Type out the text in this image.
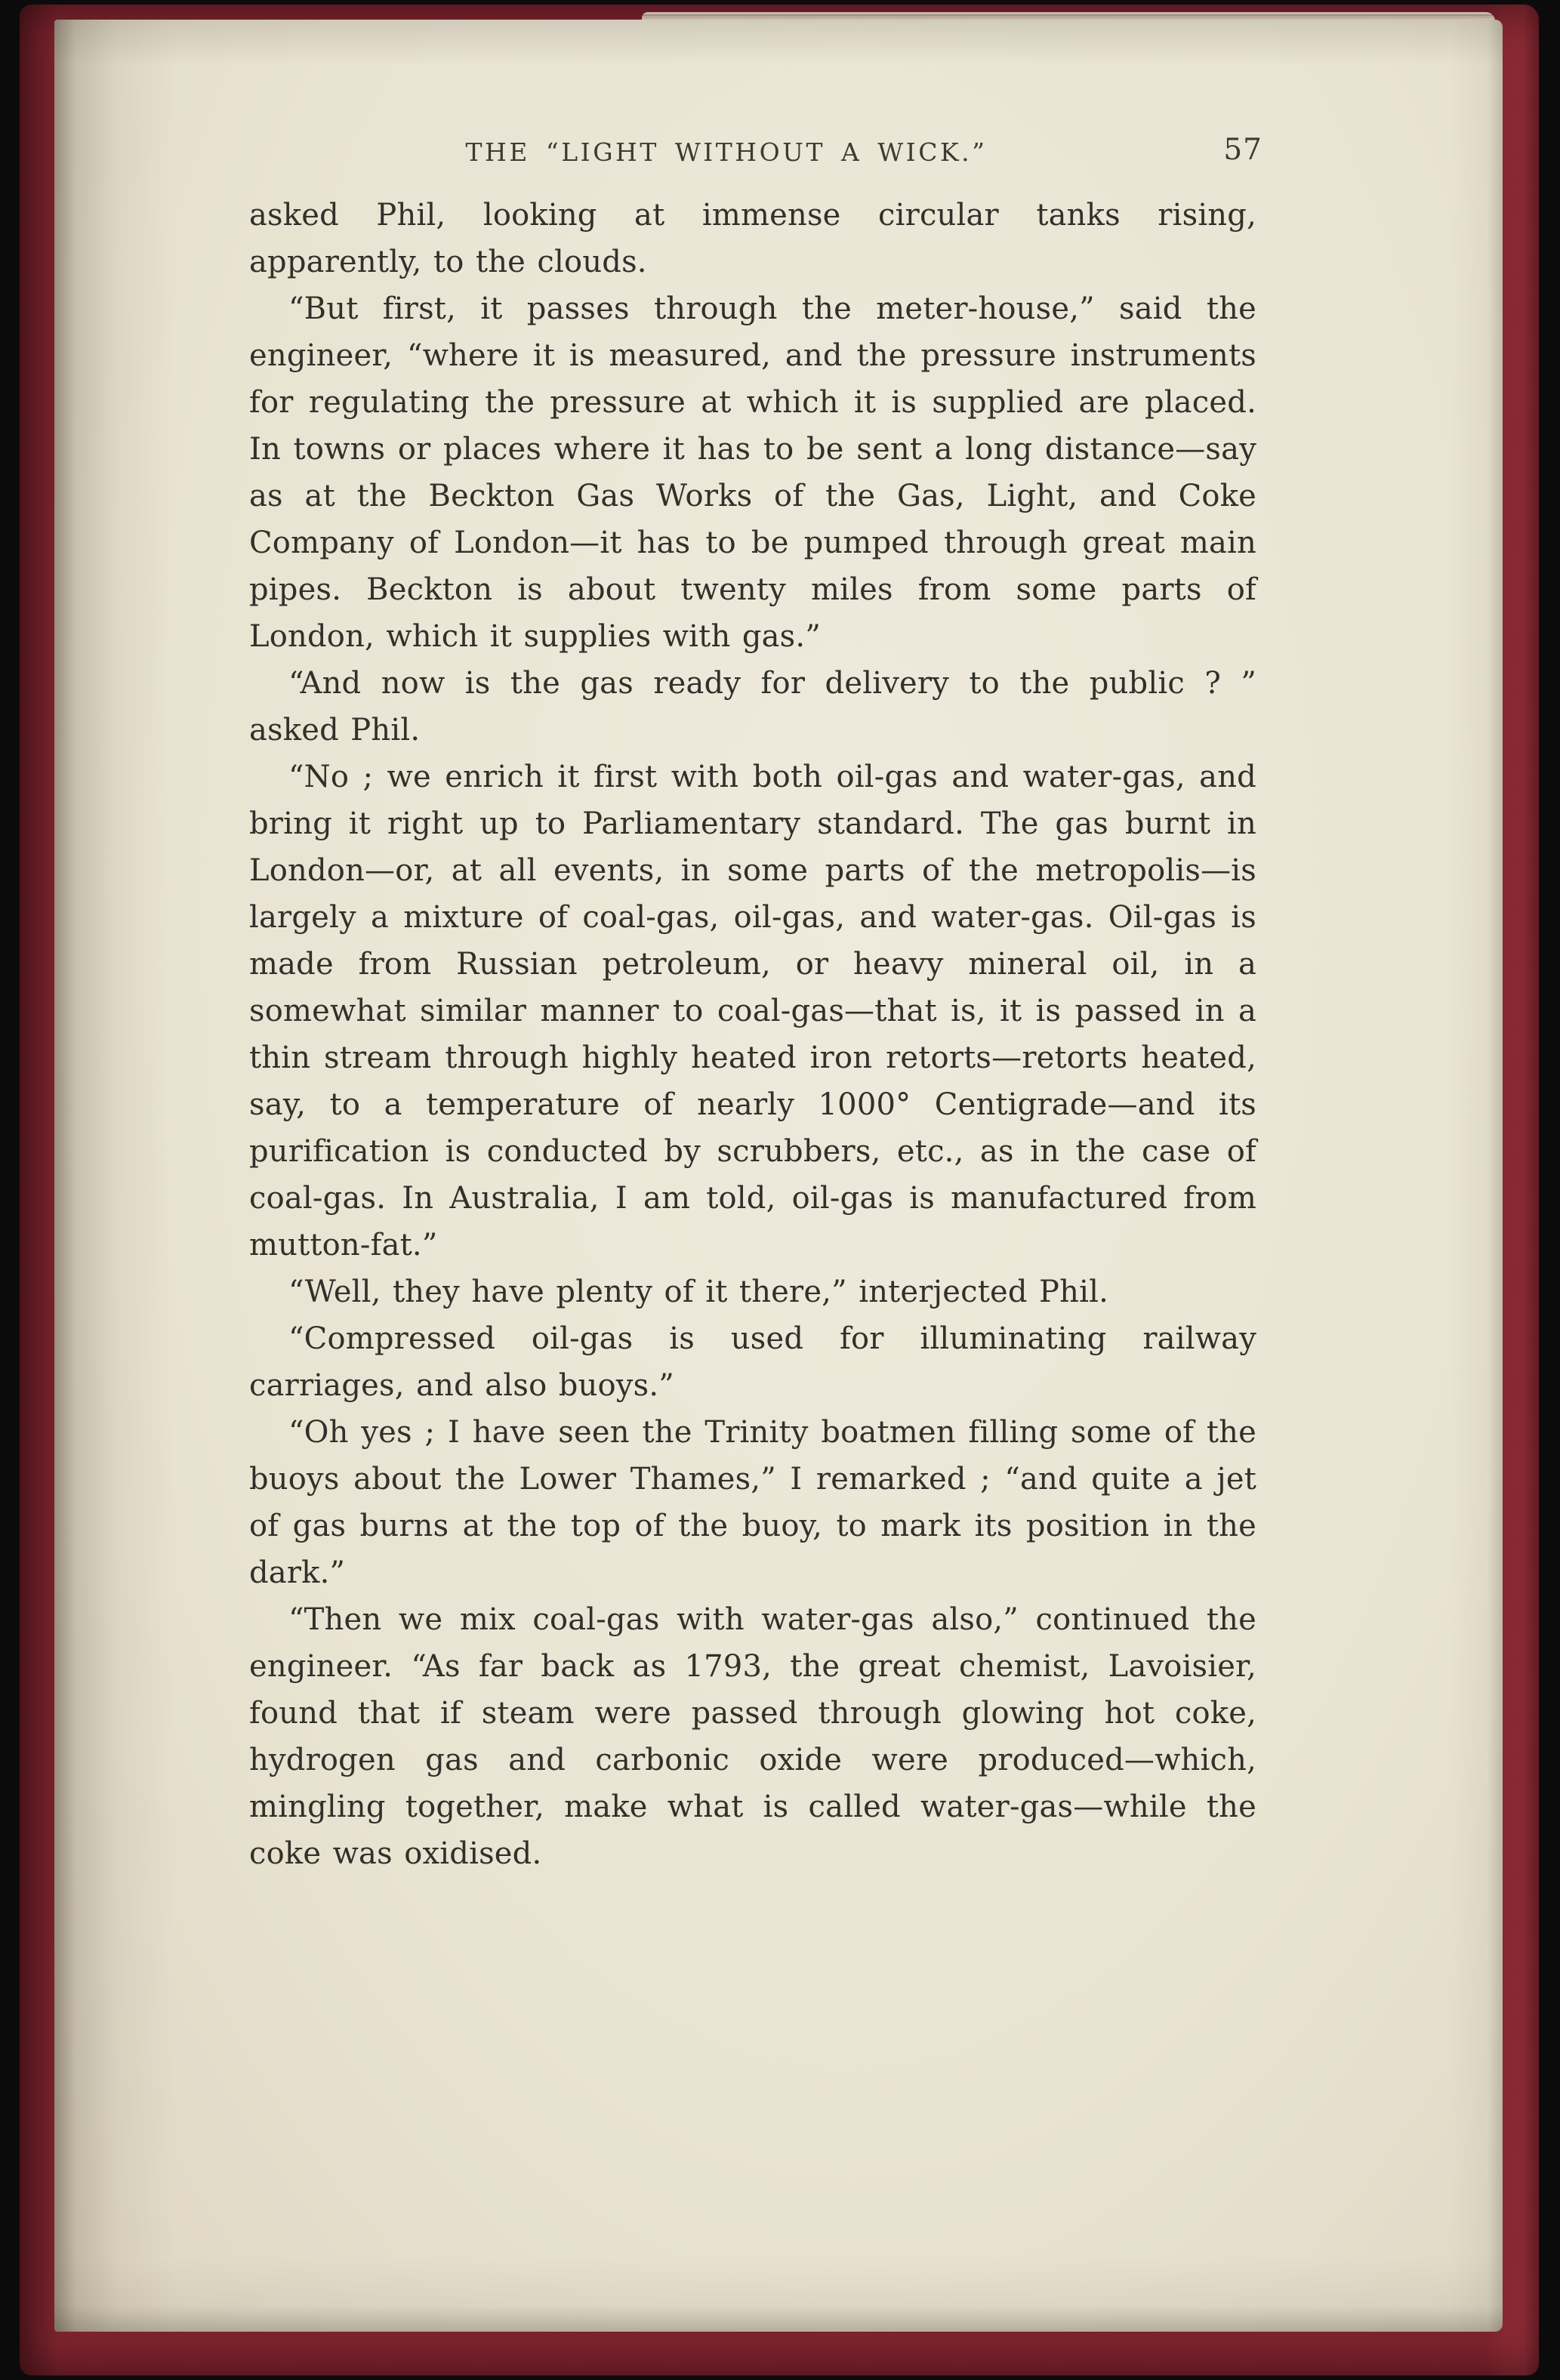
THE “LIGHT WITHOUT A WICK.”	57

asked Phil, looking at immense circular tanks rising, apparently, to the clouds.

“But first, it passes through the meter-house,” said the engineer, “where it is measured, and the pressure instruments for regulating the pressure at which it is supplied are placed. In towns or places where it has to be sent a long distance—say as at the Beckton Gas Works of the Gas, Light, and Coke Company of London—it has to be pumped through great main pipes. Beckton is about twenty miles from some parts of London, which it supplies with gas.”

“And now is the gas ready for delivery to the public ? ” asked Phil.

“No ; we enrich it first with both oil-gas and water-gas, and bring it right up to Parliamentary standard. The gas burnt in London—or, at all events, in some parts of the metropolis—is largely a mixture of coal-gas, oil-gas, and water-gas. Oil-gas is made from Russian petroleum, or heavy mineral oil, in a somewhat similar manner to coal-gas—that is, it is passed in a thin stream through highly heated iron retorts—retorts heated, say, to a temperature of nearly 1000° Centigrade—and its purification is conducted by scrubbers, etc., as in the case of coal-gas. In Australia, I am told, oil-gas is manufactured from mutton-fat.”

“Well, they have plenty of it there,” interjected Phil.

“Compressed oil-gas is used for illuminating railway carriages, and also buoys.”

“Oh yes ; I have seen the Trinity boatmen filling some of the buoys about the Lower Thames,” I remarked ; “and quite a jet of gas burns at the top of the buoy, to mark its position in the dark.”

“Then we mix coal-gas with water-gas also,” continued the engineer. “As far back as 1793, the great chemist, Lavoisier, found that if steam were passed through glowing hot coke, hydrogen gas and carbonic oxide were produced—which, mingling together, make what is called water-gas—while the coke was oxidised.
